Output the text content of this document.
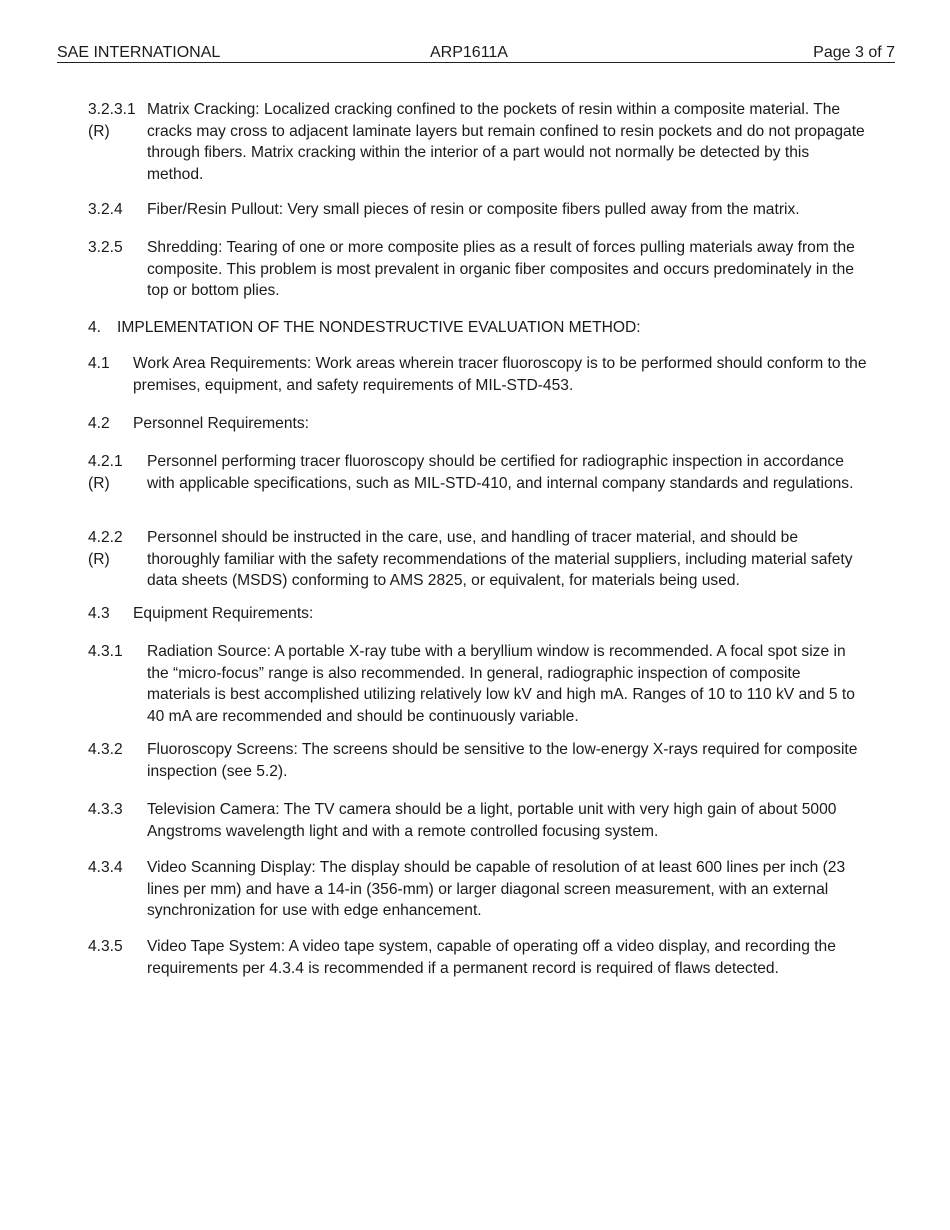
SAE INTERNATIONAL	ARP1611A	Page 3 of 7
3.2.3.1
(R)
Matrix Cracking: Localized cracking confined to the pockets of resin within a composite material. The cracks may cross to adjacent laminate layers but remain confined to resin pockets and do not propagate through fibers. Matrix cracking within the interior of a part would not normally be detected by this method.
3.2.4 Fiber/Resin Pullout: Very small pieces of resin or composite fibers pulled away from the matrix.
3.2.5 Shredding: Tearing of one or more composite plies as a result of forces pulling materials away from the composite. This problem is most prevalent in organic fiber composites and occurs predominately in the top or bottom plies.
4. IMPLEMENTATION OF THE NONDESTRUCTIVE EVALUATION METHOD:
4.1 Work Area Requirements: Work areas wherein tracer fluoroscopy is to be performed should conform to the premises, equipment, and safety requirements of MIL-STD-453.
4.2 Personnel Requirements:
4.2.1
(R)
Personnel performing tracer fluoroscopy should be certified for radiographic inspection in accordance with applicable specifications, such as MIL-STD-410, and internal company standards and regulations.
4.2.2
(R)
Personnel should be instructed in the care, use, and handling of tracer material, and should be thoroughly familiar with the safety recommendations of the material suppliers, including material safety data sheets (MSDS) conforming to AMS 2825, or equivalent, for materials being used.
4.3 Equipment Requirements:
4.3.1 Radiation Source: A portable X-ray tube with a beryllium window is recommended. A focal spot size in the “micro-focus” range is also recommended. In general, radiographic inspection of composite materials is best accomplished utilizing relatively low kV and high mA. Ranges of 10 to 110 kV and 5 to 40 mA are recommended and should be continuously variable.
4.3.2 Fluoroscopy Screens: The screens should be sensitive to the low-energy X-rays required for composite inspection (see 5.2).
4.3.3 Television Camera: The TV camera should be a light, portable unit with very high gain of about 5000 Angstroms wavelength light and with a remote controlled focusing system.
4.3.4 Video Scanning Display: The display should be capable of resolution of at least 600 lines per inch (23 lines per mm) and have a 14-in (356-mm) or larger diagonal screen measurement, with an external synchronization for use with edge enhancement.
4.3.5 Video Tape System: A video tape system, capable of operating off a video display, and recording the requirements per 4.3.4 is recommended if a permanent record is required of flaws detected.
